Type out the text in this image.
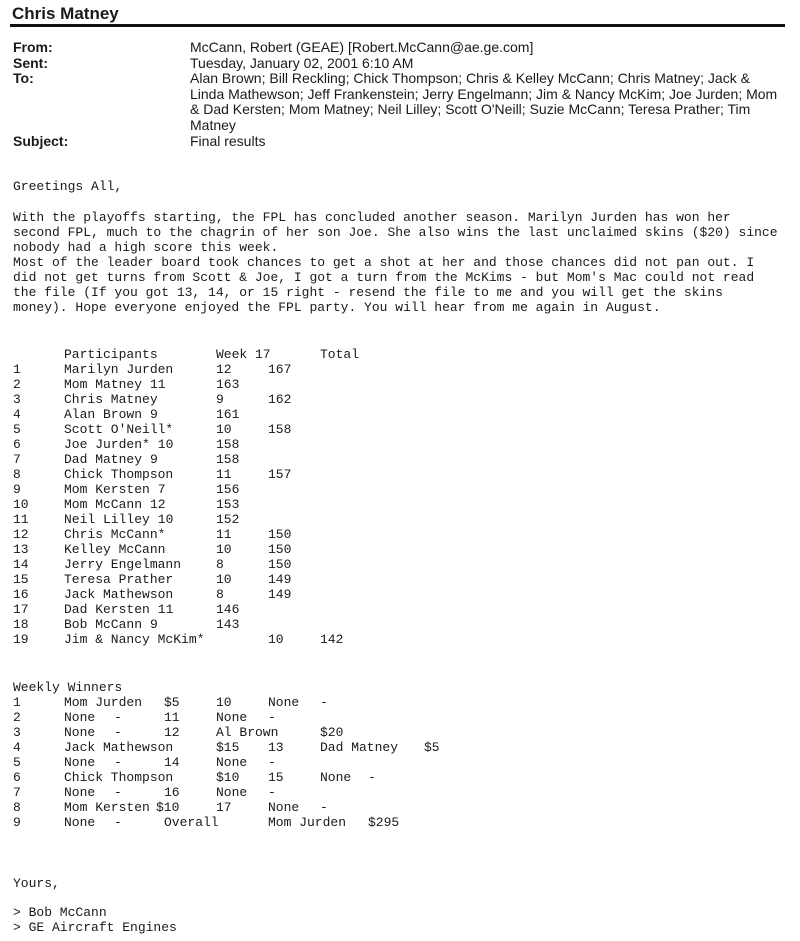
Chris Matney
From:	McCann, Robert (GEAE) [Robert.McCann@ae.ge.com]
Sent:	Tuesday, January 02, 2001 6:10 AM
To:	Alan Brown; Bill Reckling; Chick Thompson; Chris & Kelley McCann; Chris Matney; Jack & Linda Mathewson; Jeff Frankenstein; Jerry Engelmann; Jim & Nancy McKim; Joe Jurden; Mom & Dad Kersten; Mom Matney; Neil Lilley; Scott O'Neill; Suzie McCann; Teresa Prather; Tim Matney
Subject:	Final results
Greetings All,
With the playoffs starting, the FPL has concluded another season. Marilyn Jurden has won her second FPL, much to the chagrin of her son Joe. She also wins the last unclaimed skins ($20) since nobody had a high score this week.
Most of the leader board took chances to get a shot at her and those chances did not pan out. I did not get turns from Scott & Joe, I got a turn from the McKims - but Mom's Mac could not read the file (If you got 13, 14, or 15 right - resend the file to me and you will get the skins money). Hope everyone enjoyed the FPL party. You will hear from me again in August.
Participants	Week 17	Total
1	Marilyn Jurden	12	167
2	Mom Matney 11	163
3	Chris Matney	9	162
4	Alan Brown 9	161
5	Scott O'Neill*	10	158
6	Joe Jurden* 10	158
7	Dad Matney 9	158
8	Chick Thompson	11	157
9	Mom Kersten 7	156
10	Mom McCann 12	153
11	Neil Lilley 10	152
12	Chris McCann*	11	150
13	Kelley McCann	10	150
14	Jerry Engelmann	8	150
15	Teresa Prather	10	149
16	Jack Mathewson	8	149
17	Dad Kersten 11	146
18	Bob McCann 9	143
19	Jim & Nancy McKim*	10	142
Weekly Winners
1	Mom Jurden $5	10	None -
2	None -	11	None -
3	None -	12	Al Brown	$20
4	Jack Mathewson	$15 13	Dad Matney $5
5	None -	14	None -
6	Chick Thompson	$10 15	None -
7	None -	16	None -
8	Mom Kersten $10	17	None -
9	None -	Overall	Mom Jurden $295
Yours,
> Bob McCann
> GE Aircraft Engines
